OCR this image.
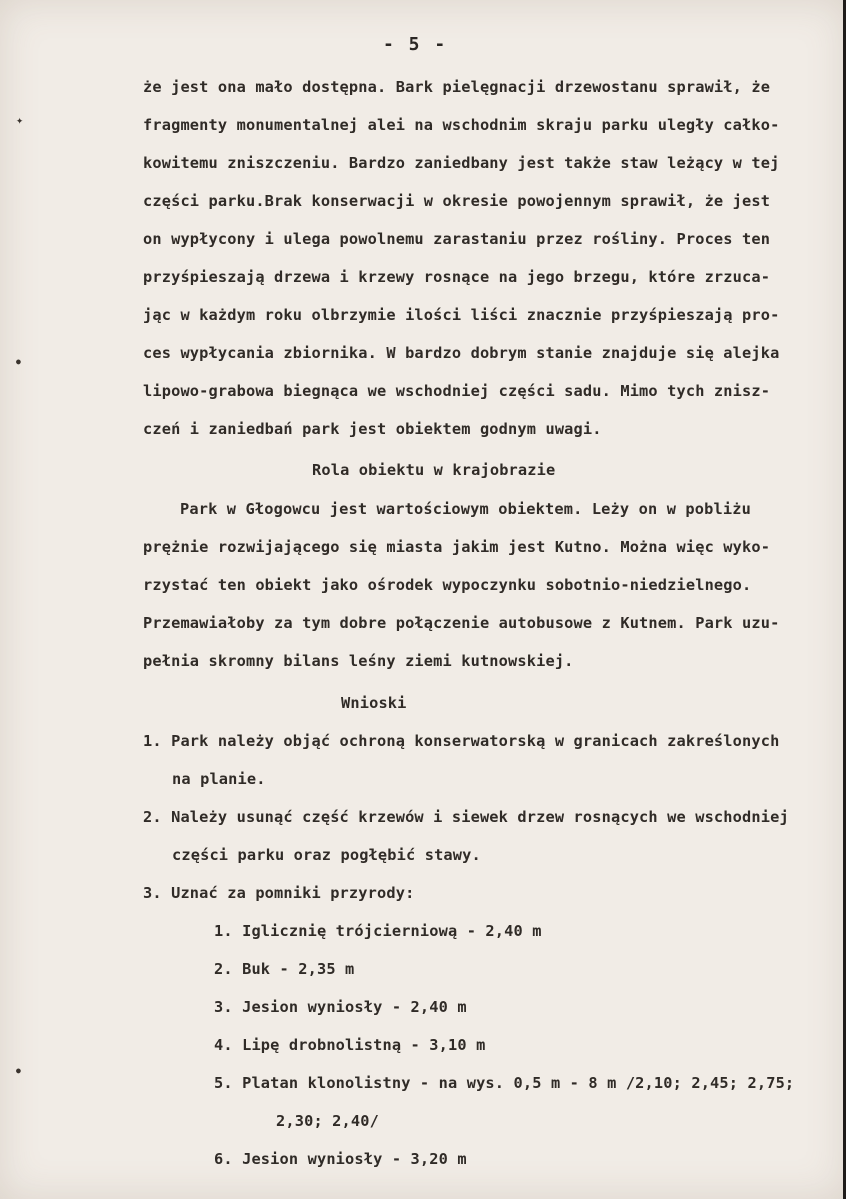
- 5 -
że jest ona mało dostępna. Bark pielęgnacji drzewostanu sprawił, że
fragmenty monumentalnej alei na wschodnim skraju parku uległy całko-
kowitemu zniszczeniu. Bardzo zaniedbany jest także staw leżący w tej
części parku.Brak konserwacji w okresie powojennym sprawił, że jest
on wypłycony i ulega powolnemu zarastaniu przez rośliny. Proces ten
przyśpieszają drzewa i krzewy rosnące na jego brzegu, które zrzuca-
jąc w każdym roku olbrzymie ilości liści znacznie przyśpieszają pro-
ces wypłycania zbiornika. W bardzo dobrym stanie znajduje się alejka
lipowo-grabowa biegnąca we wschodniej części sadu. Mimo tych znisz-
czeń i zaniedbań park jest obiektem godnym uwagi.
Rola obiektu w krajobrazie
Park w Głogowcu jest wartościowym obiektem. Leży on w pobliżu
prężnie rozwijającego się miasta jakim jest Kutno. Można więc wyko-
rzystać ten obiekt jako ośrodek wypoczynku sobotnio-niedzielnego.
Przemawiałoby za tym dobre połączenie autobusowe z Kutnem. Park uzu-
pełnia skromny bilans leśny ziemi kutnowskiej.
Wnioski
1. Park należy objąć ochroną konserwatorską w granicach zakreślonych
na planie.
2. Należy usunąć część krzewów i siewek drzew rosnących we wschodniej
części parku oraz pogłębić stawy.
3. Uznać za pomniki przyrody:
1. Iglicznię trójcierniową - 2,40 m
2. Buk - 2,35 m
3. Jesion wyniosły - 2,40 m
4. Lipę drobnolistną - 3,10 m
5. Platan klonolistny - na wys. 0,5 m - 8 m /2,10; 2,45; 2,75;
2,30; 2,40/
6. Jesion wyniosły - 3,20 m
✦
●
●
